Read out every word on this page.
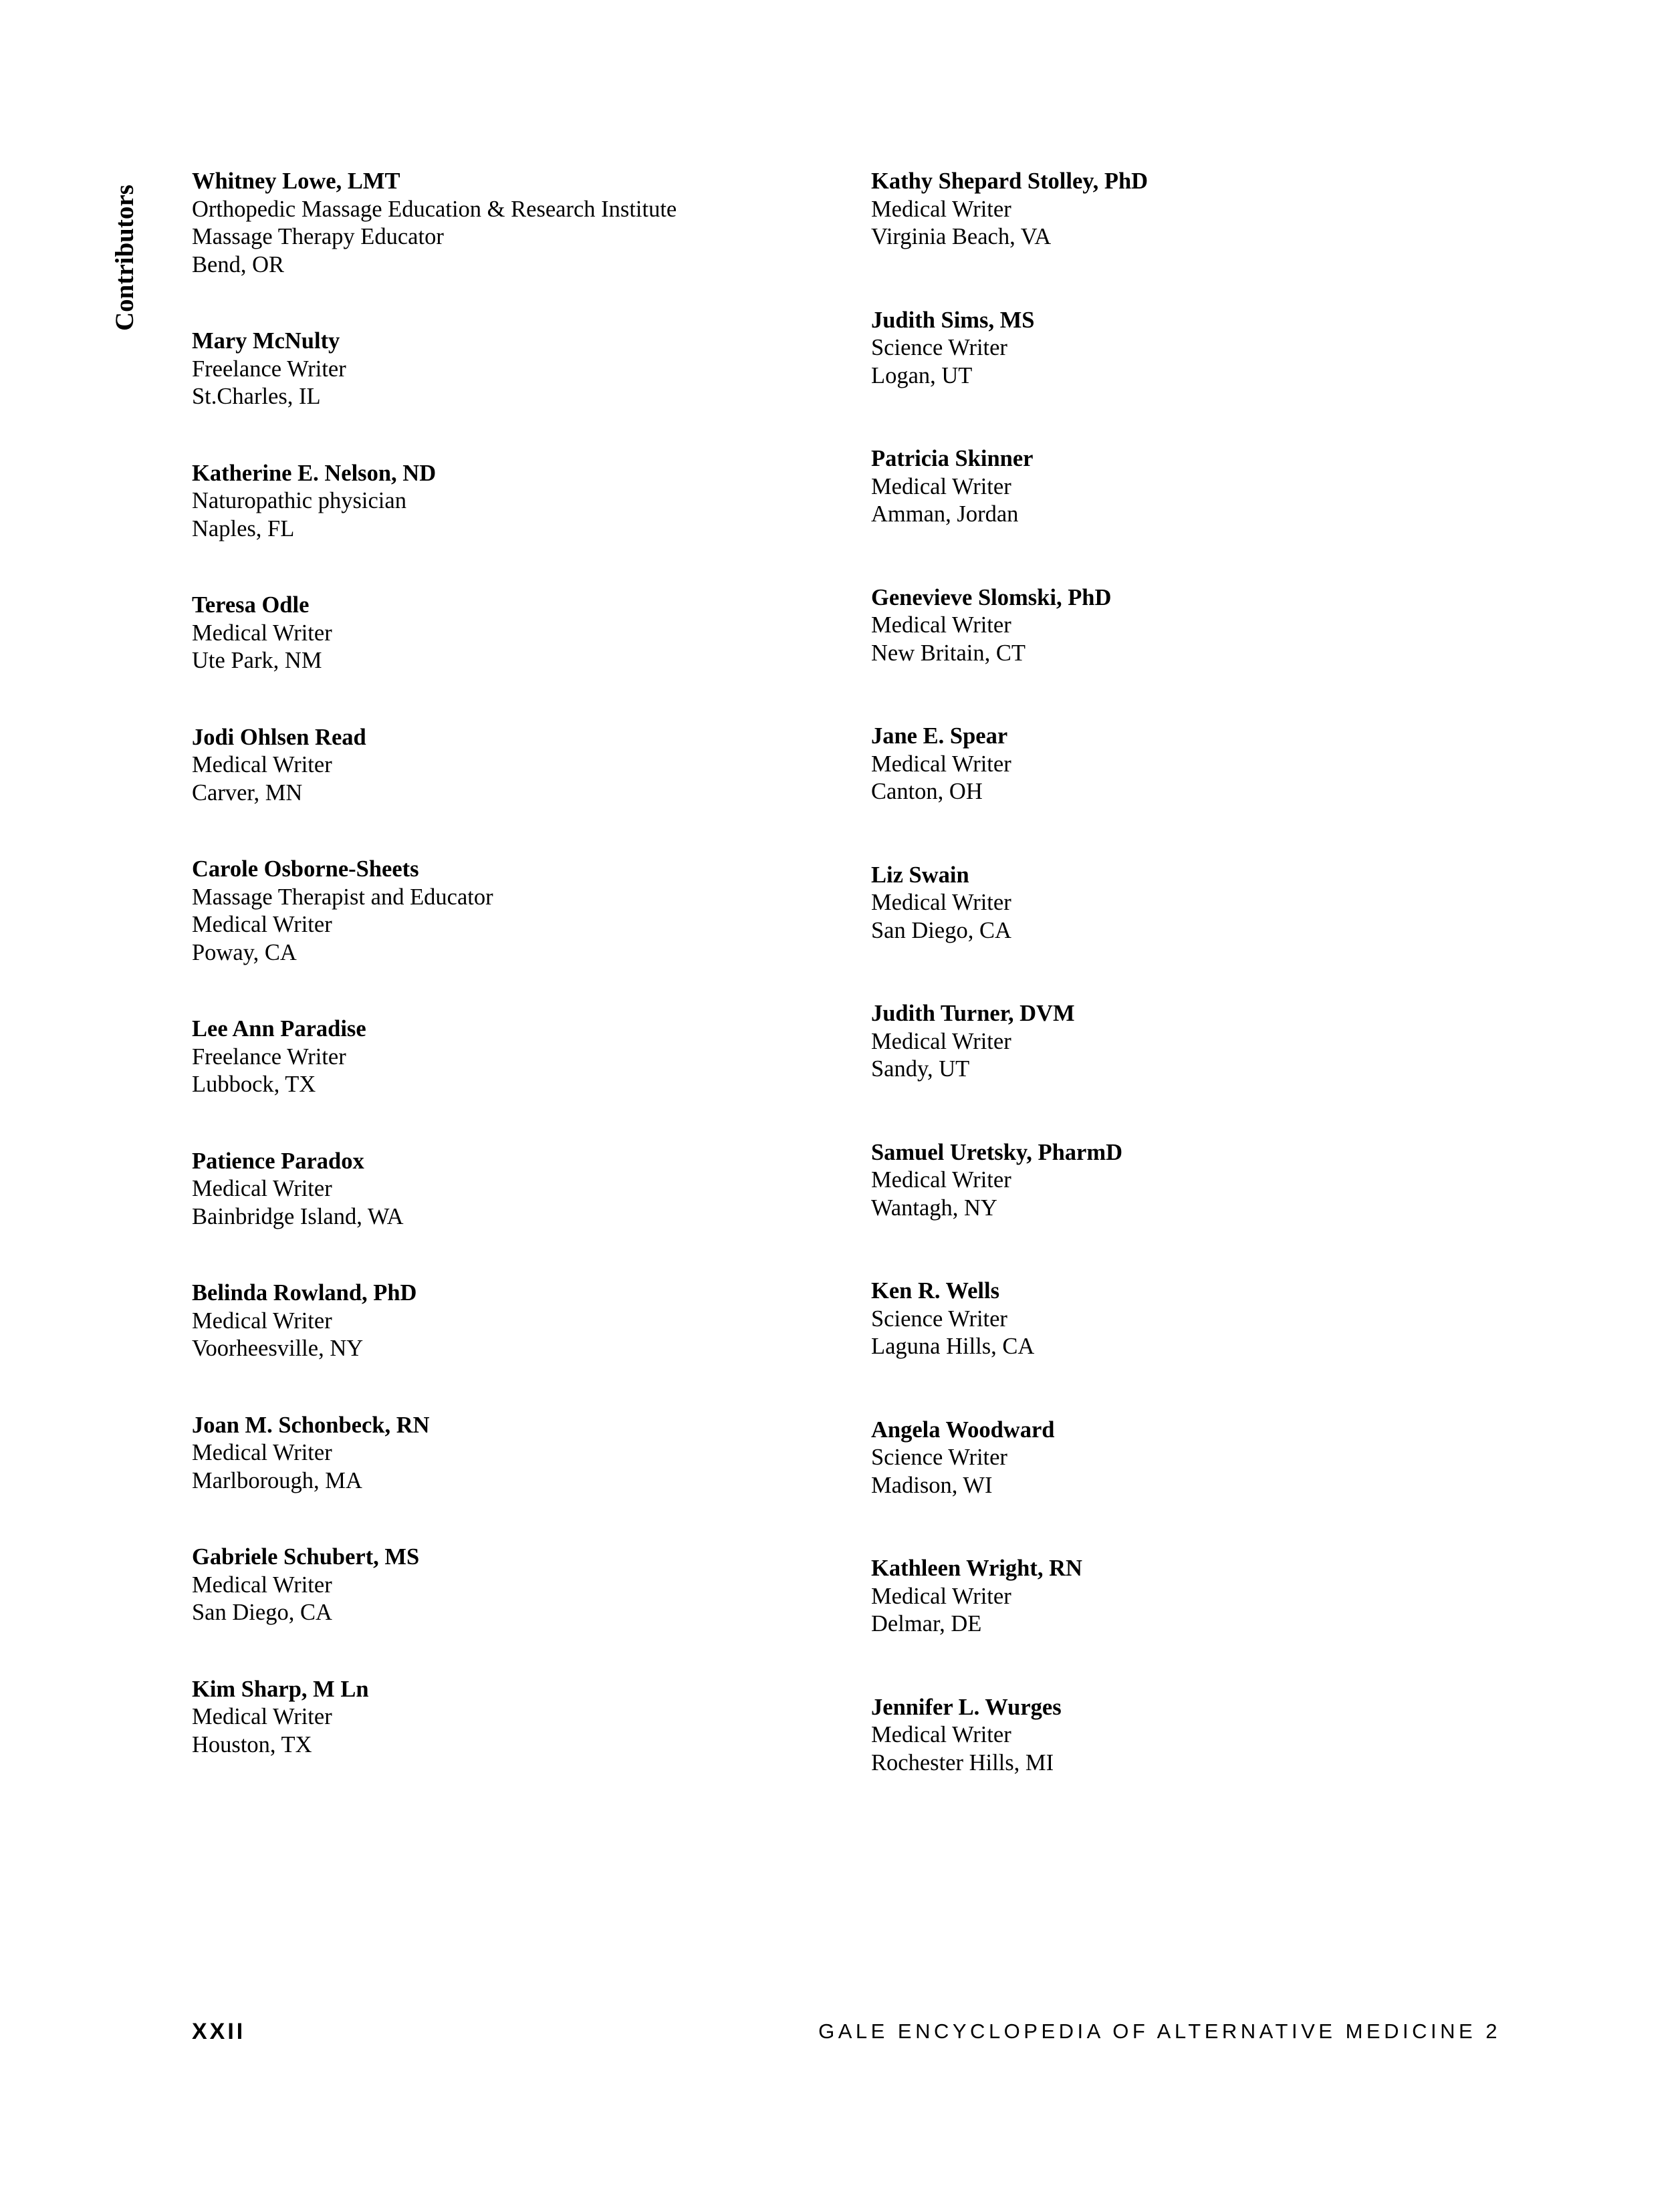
Contributors
Whitney Lowe, LMT
Orthopedic Massage Education & Research Institute
Massage Therapy Educator
Bend, OR
Mary McNulty
Freelance Writer
St.Charles, IL
Katherine E. Nelson, ND
Naturopathic physician
Naples, FL
Teresa Odle
Medical Writer
Ute Park, NM
Jodi Ohlsen Read
Medical Writer
Carver, MN
Carole Osborne-Sheets
Massage Therapist and Educator
Medical Writer
Poway, CA
Lee Ann Paradise
Freelance Writer
Lubbock, TX
Patience Paradox
Medical Writer
Bainbridge Island, WA
Belinda Rowland, PhD
Medical Writer
Voorheesville, NY
Joan M. Schonbeck, RN
Medical Writer
Marlborough, MA
Gabriele Schubert, MS
Medical Writer
San Diego, CA
Kim Sharp, M Ln
Medical Writer
Houston, TX
Kathy Shepard Stolley, PhD
Medical Writer
Virginia Beach, VA
Judith Sims, MS
Science Writer
Logan, UT
Patricia Skinner
Medical Writer
Amman, Jordan
Genevieve Slomski, PhD
Medical Writer
New Britain, CT
Jane E. Spear
Medical Writer
Canton, OH
Liz Swain
Medical Writer
San Diego, CA
Judith Turner, DVM
Medical Writer
Sandy, UT
Samuel Uretsky, PharmD
Medical Writer
Wantagh, NY
Ken R. Wells
Science Writer
Laguna Hills, CA
Angela Woodward
Science Writer
Madison, WI
Kathleen Wright, RN
Medical Writer
Delmar, DE
Jennifer L. Wurges
Medical Writer
Rochester Hills, MI
XXII	GALE ENCYCLOPEDIA OF ALTERNATIVE MEDICINE 2
